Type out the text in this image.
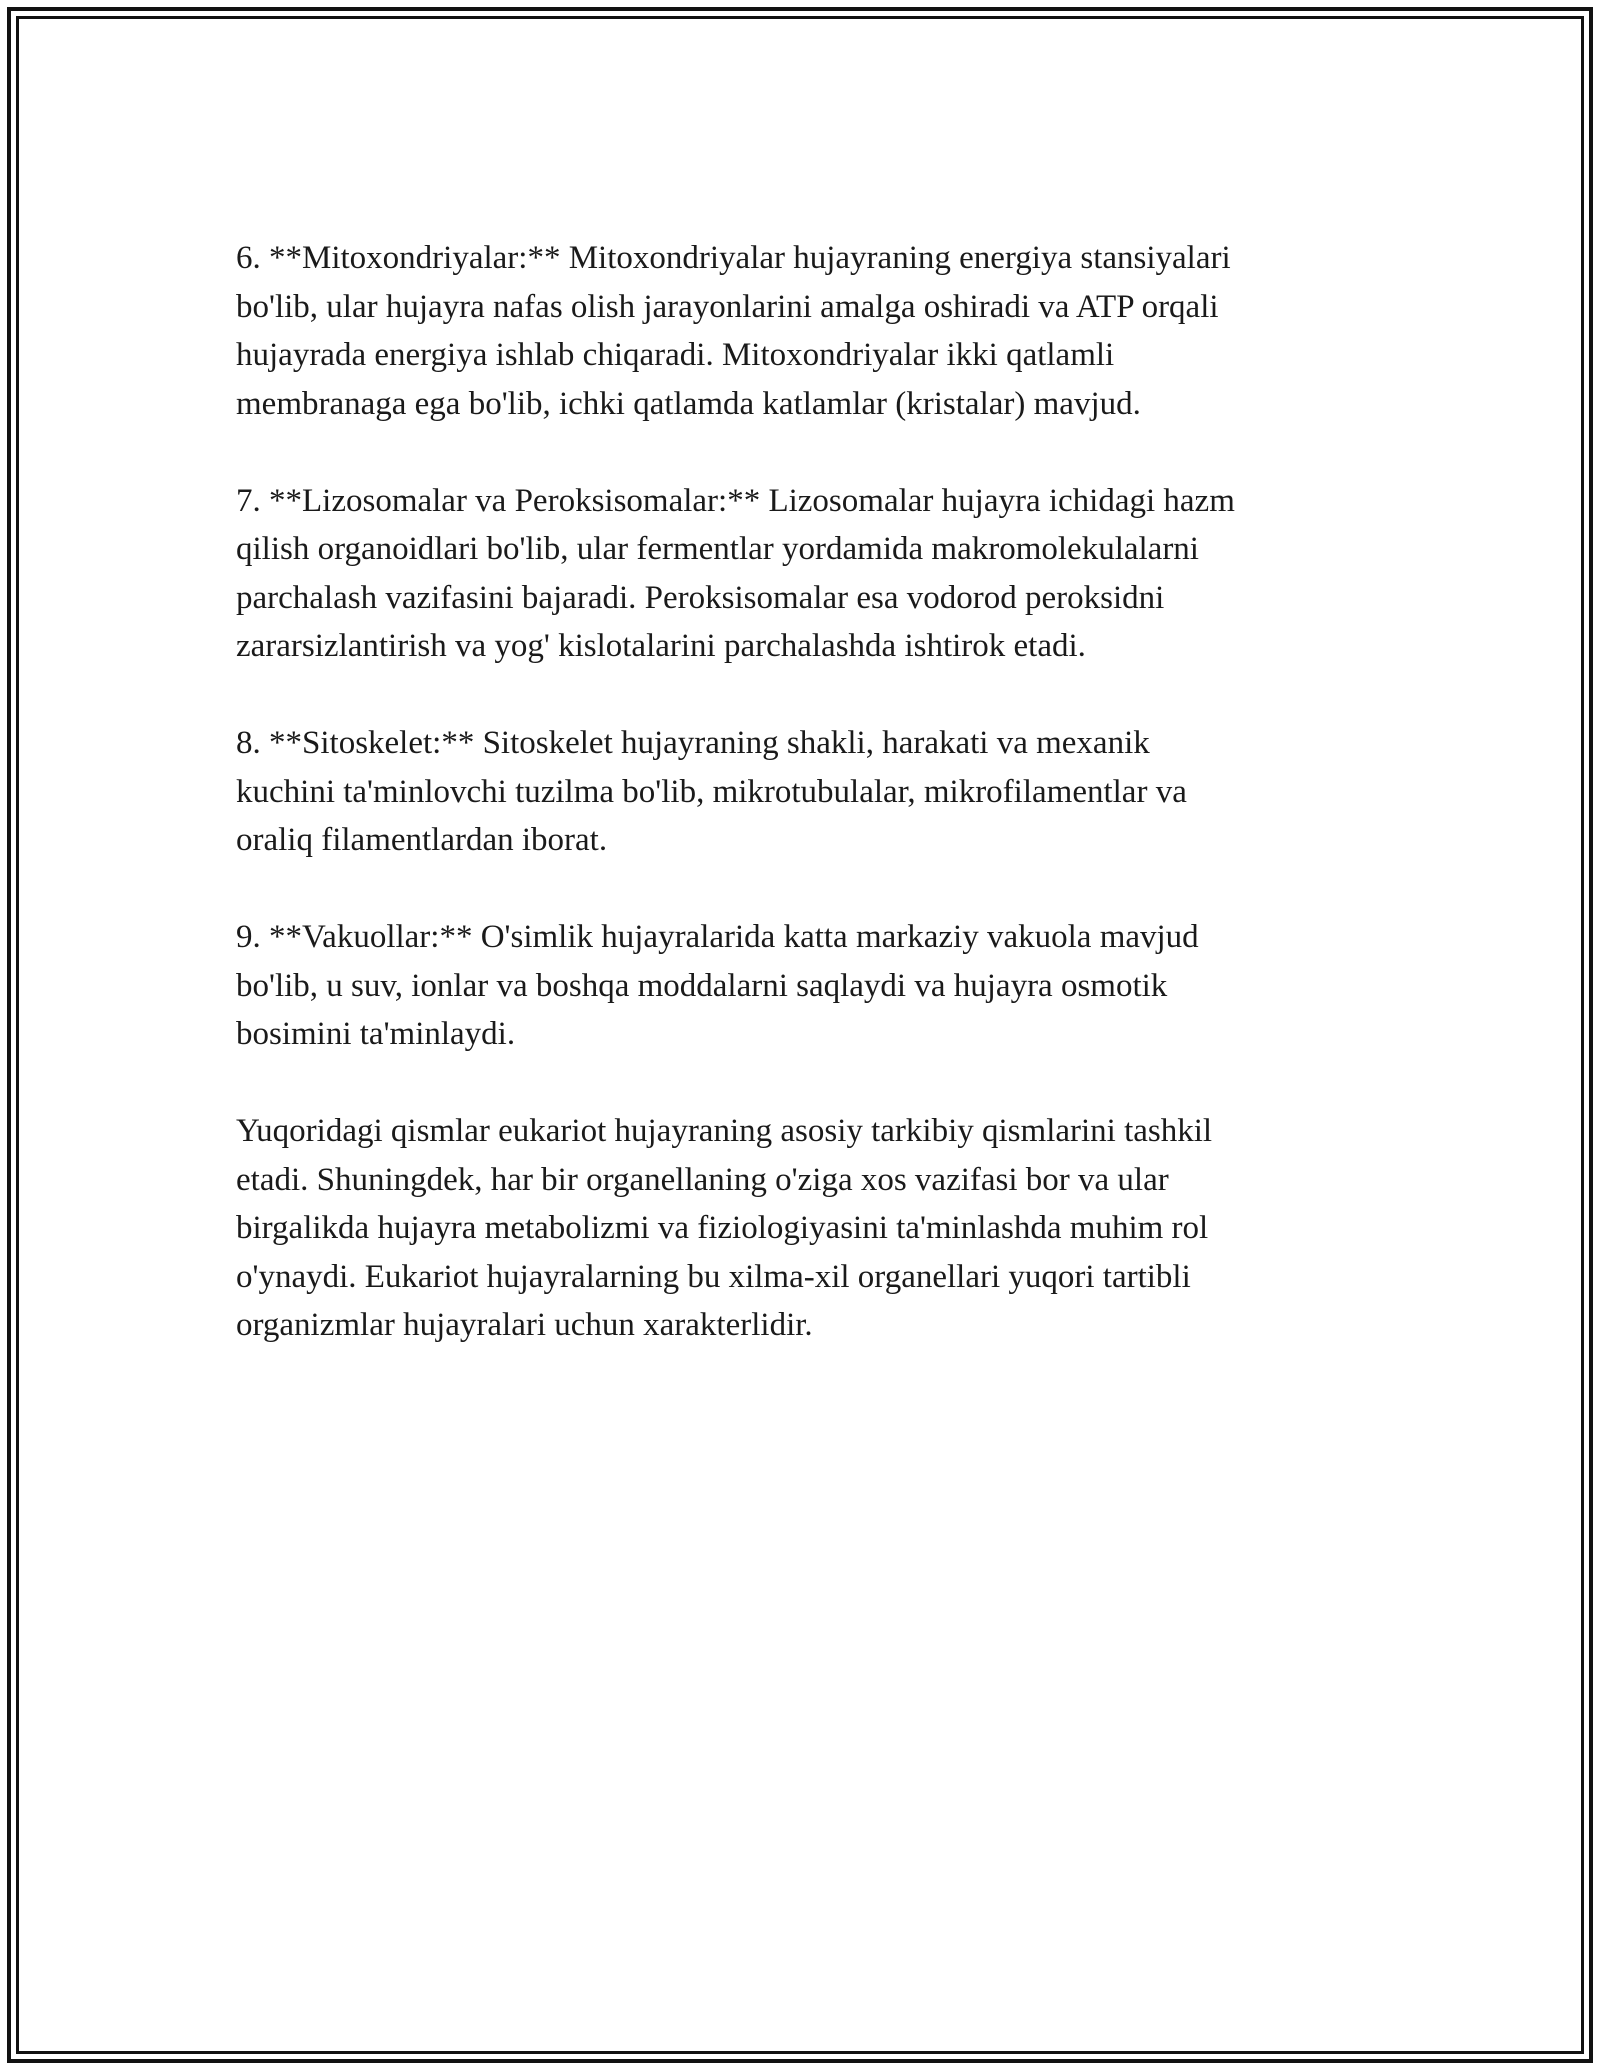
6. **Mitoxondriyalar:** Mitoxondriyalar hujayraning energiya stansiyalari
bo'lib, ular hujayra nafas olish jarayonlarini amalga oshiradi va ATP orqali
hujayrada energiya ishlab chiqaradi. Mitoxondriyalar ikki qatlamli
membranaga ega bo'lib, ichki qatlamda katlamlar (kristalar) mavjud.

7. **Lizosomalar va Peroksisomalar:** Lizosomalar hujayra ichidagi hazm
qilish organoidlari bo'lib, ular fermentlar yordamida makromolekulalarni
parchalash vazifasini bajaradi. Peroksisomalar esa vodorod peroksidni
zararsizlantirish va yog' kislotalarini parchalashda ishtirok etadi.

8. **Sitoskelet:** Sitoskelet hujayraning shakli, harakati va mexanik
kuchini ta'minlovchi tuzilma bo'lib, mikrotubulalar, mikrofilamentlar va
oraliq filamentlardan iborat.

9. **Vakuollar:** O'simlik hujayralarida katta markaziy vakuola mavjud
bo'lib, u suv, ionlar va boshqa moddalarni saqlaydi va hujayra osmotik
bosimini ta'minlaydi.

Yuqoridagi qismlar eukariot hujayraning asosiy tarkibiy qismlarini tashkil
etadi. Shuningdek, har bir organellaning o'ziga xos vazifasi bor va ular
birgalikda hujayra metabolizmi va fiziologiyasini ta'minlashda muhim rol
o'ynaydi. Eukariot hujayralarning bu xilma-xil organellari yuqori tartibli
organizmlar hujayralari uchun xarakterlidir.
